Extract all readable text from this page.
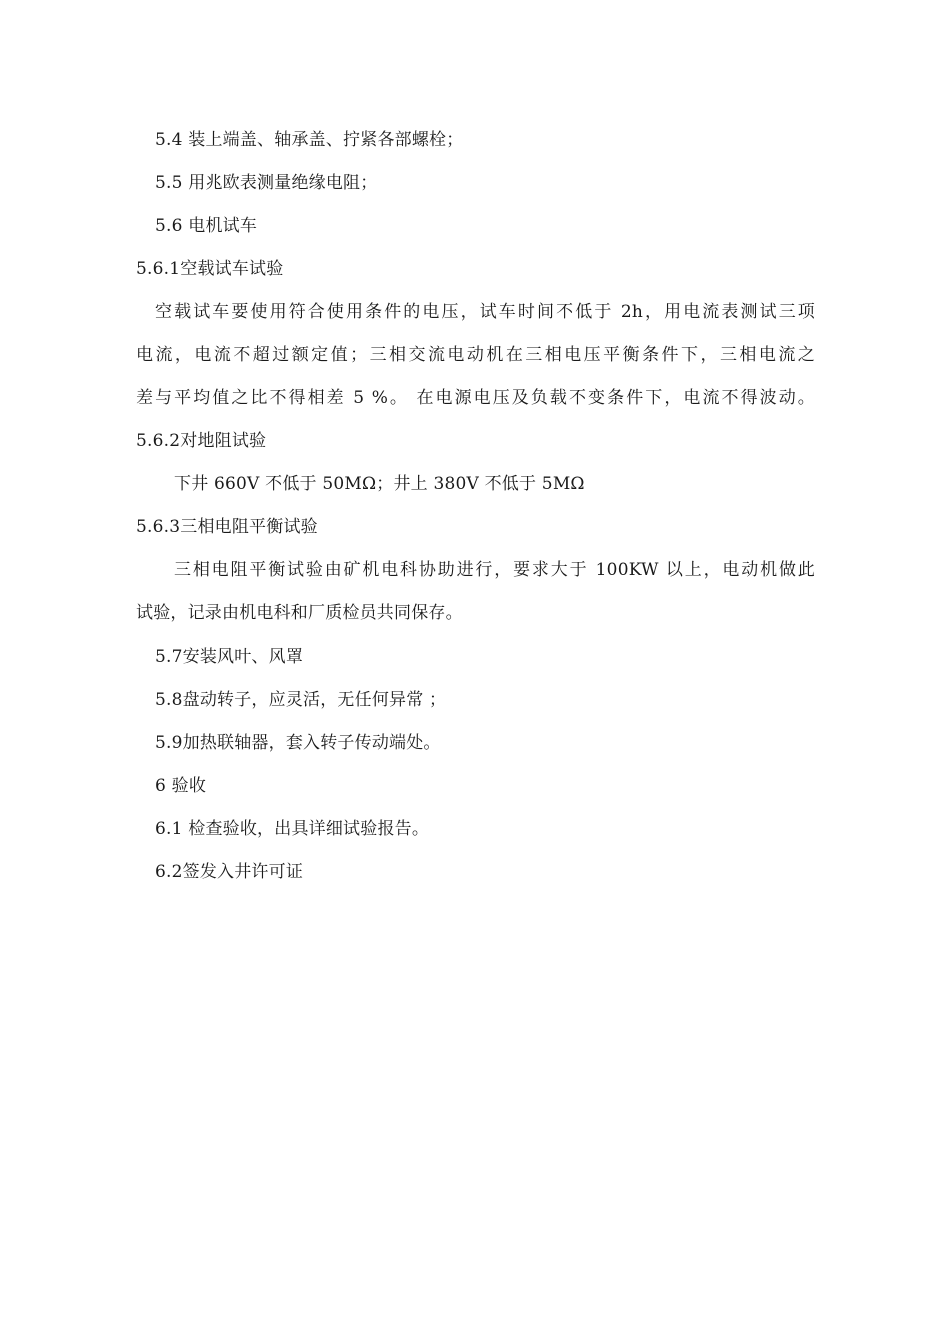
5.4 装上端盖、轴承盖、拧紧各部螺栓；
5.5 用兆欧表测量绝缘电阻；
5.6 电机试车
5.6.1空载试车试验
空载试车要使用符合使用条件的电压，试车时间不低于 2h，用电流表测试三项
电流，电流不超过额定值；三相交流电动机在三相电压平衡条件下，三相电流之
差与平均值之比不得相差 5 %。 在电源电压及负载不变条件下，电流不得波动。
5.6.2对地阻试验
下井 660V 不低于 50MΩ；井上 380V 不低于 5MΩ
5.6.3三相电阻平衡试验
三相电阻平衡试验由矿机电科协助进行，要求大于 100KW 以上，电动机做此
试验，记录由机电科和厂质检员共同保存。
5.7安装风叶、风罩
5.8盘动转子，应灵活，无任何异常 ；
5.9加热联轴器，套入转子传动端处。
6 验收
6.1 检查验收，出具详细试验报告。
6.2签发入井许可证
